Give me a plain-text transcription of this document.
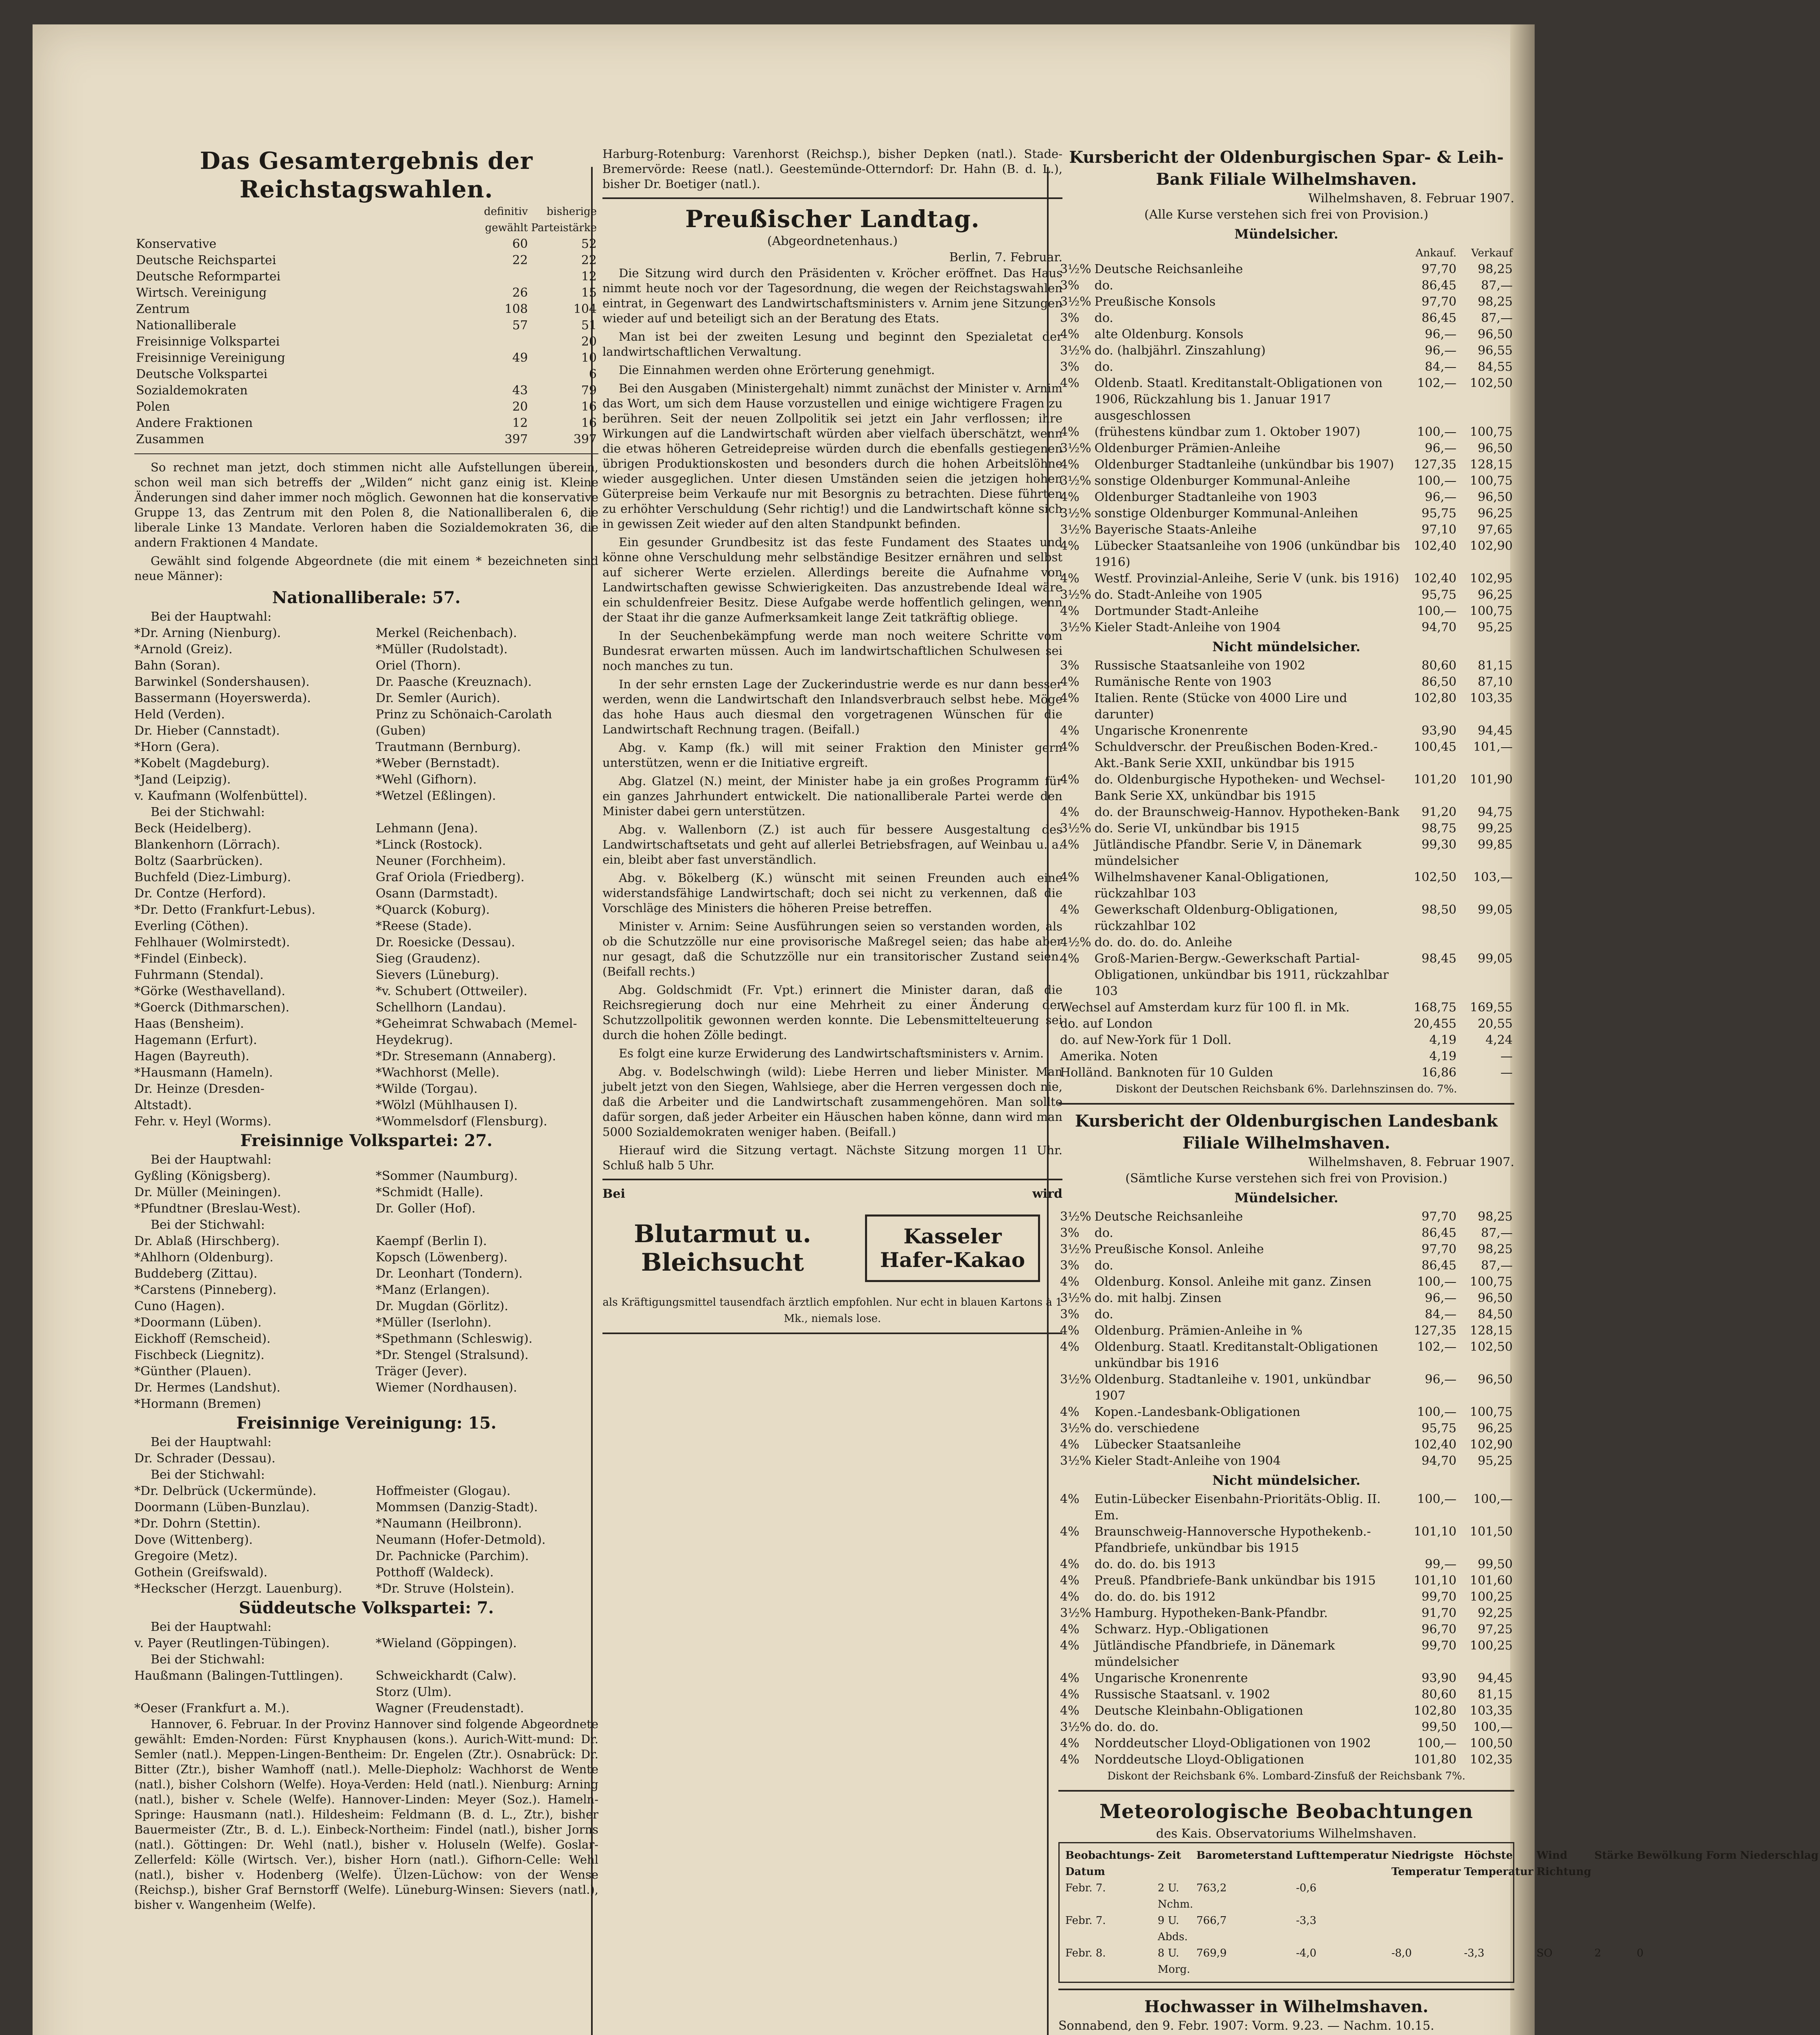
Das Gesamtergebnis der Reichstagswahlen.
	definitiv gewählt	bisherige Parteistärke
Konservative	60	52
Deutsche Reichspartei	22	22
Deutsche Reformpartei		12
Wirtsch. Vereinigung	26	15
Zentrum	108	104
Nationalliberale	57	51
Freisinnige Volkspartei		20
Freisinnige Vereinigung	49	10
Deutsche Volkspartei		6
Sozialdemokraten	43	79
Polen	20	16
Andere Fraktionen	12	16
Zusammen	397	397

So rechnet man jetzt, doch stimmen nicht alle Aufstellungen überein, schon weil man sich betreffs der „Wilden“ nicht ganz einig ist. Kleine Änderungen sind daher immer noch möglich. Gewonnen hat die konservative Gruppe 13, das Zentrum mit den Polen 8, die Nationalliberalen 6, die liberale Linke 13 Mandate. Verloren haben die Sozialdemokraten 36, die andern Fraktionen 4 Mandate.

Gewählt sind folgende Abgeordnete (die mit einem * bezeichneten sind neue Männer):

Nationalliberale: 57.
Bei der Hauptwahl:
*Dr. Arning (Nienburg).	Merkel (Reichenbach).
*Arnold (Greiz).	*Müller (Rudolstadt).
Bahn (Soran).	Oriel (Thorn).
Barwinkel (Sondershausen).	Dr. Paasche (Kreuznach).
Bassermann (Hoyerswerda).	Dr. Semler (Aurich).
Held (Verden).	Prinz zu Schönaich-Carolath
Dr. Hieber (Cannstadt).	(Guben)
*Horn (Gera).	Trautmann (Bernburg).
*Kobelt (Magdeburg).	*Weber (Bernstadt).
*Jand (Leipzig).	*Wehl (Gifhorn).
v. Kaufmann (Wolfenbüttel).	*Wetzel (Eßlingen).
Bei der Stichwahl:
Beck (Heidelberg).	Lehmann (Jena).
Blankenhorn (Lörrach).	*Linck (Rostock).
Boltz (Saarbrücken).	Neuner (Forchheim).
Buchfeld (Diez-Limburg).	Graf Oriola (Friedberg).
Dr. Contze (Herford).	Osann (Darmstadt).
*Dr. Detto (Frankfurt-Lebus).	*Quarck (Koburg).
Everling (Cöthen).	*Reese (Stade).
Fehlhauer (Wolmirstedt).	Dr. Roesicke (Dessau).
*Findel (Einbeck).	Sieg (Graudenz).
Fuhrmann (Stendal).	Sievers (Lüneburg).
*Görke (Westhavelland).	*v. Schubert (Ottweiler).
*Goerck (Dithmarschen).	Schellhorn (Landau).
Haas (Bensheim).	*Geheimrat Schwabach (Memel-
Hagemann (Erfurt).	Heydekrug).
Hagen (Bayreuth).	*Dr. Stresemann (Annaberg).
*Hausmann (Hameln).	*Wachhorst (Melle).
Dr. Heinze (Dresden-	*Wilde (Torgau).
Altstadt).	*Wölzl (Mühlhausen I).
Fehr. v. Heyl (Worms).	*Wommelsdorf (Flensburg).
Freisinnige Volkspartei: 27.
Bei der Hauptwahl:
Gyßling (Königsberg).	*Sommer (Naumburg).
Dr. Müller (Meiningen).	*Schmidt (Halle).
*Pfundtner (Breslau-West).	Dr. Goller (Hof).
Bei der Stichwahl:
Dr. Ablaß (Hirschberg).	Kaempf (Berlin I).
*Ahlhorn (Oldenburg).	Kopsch (Löwenberg).
Buddeberg (Zittau).	Dr. Leonhart (Tondern).
*Carstens (Pinneberg).	*Manz (Erlangen).
Cuno (Hagen).	Dr. Mugdan (Görlitz).
*Doormann (Lüben).	*Müller (Iserlohn).
Eickhoff (Remscheid).	*Spethmann (Schleswig).
Fischbeck (Liegnitz).	*Dr. Stengel (Stralsund).
*Günther (Plauen).	Träger (Jever).
Dr. Hermes (Landshut).	Wiemer (Nordhausen).
*Hormann (Bremen)
Freisinnige Vereinigung: 15.
Bei der Hauptwahl:
Dr. Schrader (Dessau).
Bei der Stichwahl:
*Dr. Delbrück (Uckermünde).	Hoffmeister (Glogau).
Doormann (Lüben-Bunzlau).	Mommsen (Danzig-Stadt).
*Dr. Dohrn (Stettin).	*Naumann (Heilbronn).
Dove (Wittenberg).	Neumann (Hofer-Detmold).
Gregoire (Metz).	Dr. Pachnicke (Parchim).
Gothein (Greifswald).	Potthoff (Waldeck).
*Heckscher (Herzgt. Lauenburg).	*Dr. Struve (Holstein).
Süddeutsche Volkspartei: 7.
Bei der Hauptwahl:
v. Payer (Reutlingen-Tübingen).	*Wieland (Göppingen).
Bei der Stichwahl:
Haußmann (Balingen-Tuttlingen).	Schweickhardt (Calw).
Storz (Ulm).
*Oeser (Frankfurt a. M.).	Wagner (Freudenstadt).

Hannover, 6. Februar. In der Provinz Hannover sind folgende Abgeordnete gewählt: Emden-Norden: Fürst Knyphausen (kons.). Aurich-Witt-mund: Dr. Semler (natl.). Meppen-Lingen-Bentheim: Dr. Engelen (Ztr.). Osnabrück: Dr. Bitter (Ztr.), bisher Wamhoff (natl.). Melle-Diepholz: Wachhorst de Wente (natl.), bisher Colshorn (Welfe). Hoya-Verden: Held (natl.). Nienburg: Arning (natl.), bisher v. Schele (Welfe). Hannover-Linden: Meyer (Soz.). Hameln-Springe: Hausmann (natl.). Hildesheim: Feldmann (B. d. L., Ztr.), bisher Bauermeister (Ztr., B. d. L.). Einbeck-Northeim: Findel (natl.), bisher Jorns (natl.). Göttingen: Dr. Wehl (natl.), bisher v. Holuseln (Welfe). Goslar-Zellerfeld: Kölle (Wirtsch. Ver.), bisher Horn (natl.). Gifhorn-Celle: Wehl (natl.), bisher v. Hodenberg (Welfe). Ülzen-Lüchow: von der Wense (Reichsp.), bisher Graf Bernstorff (Welfe). Lüneburg-Winsen: Sievers (natl.), bisher v. Wangenheim (Welfe).

Harburg-Rotenburg: Varenhorst (Reichsp.), bisher Depken (natl.). Stade-Bremervörde: Reese (natl.). Geestemünde-Otterndorf: Dr. Hahn (B. d. L.), bisher Dr. Boetiger (natl.).
Preußischer Landtag.
(Abgeordnetenhaus.)
Berlin, 7. Februar.

Die Sitzung wird durch den Präsidenten v. Kröcher eröffnet. Das Haus nimmt heute noch vor der Tagesordnung, die wegen der Reichstagswahlen eintrat, in Gegenwart des Landwirtschaftsministers v. Arnim jene Sitzungen wieder auf und beteiligt sich an der Beratung des Etats.

Man ist bei der zweiten Lesung und beginnt den Spezialetat der landwirtschaftlichen Verwaltung.

Die Einnahmen werden ohne Erörterung genehmigt.

Bei den Ausgaben (Ministergehalt) nimmt zunächst der Minister v. Arnim das Wort, um sich dem Hause vorzustellen und einige wichtigere Fragen zu berühren. Seit der neuen Zollpolitik sei jetzt ein Jahr verflossen; ihre Wirkungen auf die Landwirtschaft würden aber vielfach überschätzt, wenn die etwas höheren Getreidepreise würden durch die ebenfalls gestiegenen übrigen Produktionskosten und besonders durch die hohen Arbeitslöhne wieder ausgeglichen. Unter diesen Umständen seien die jetzigen hohen Güterpreise beim Verkaufe nur mit Besorgnis zu betrachten. Diese führten zu erhöhter Verschuldung (Sehr richtig!) und die Landwirtschaft könne sich in gewissen Zeit wieder auf den alten Standpunkt befinden.

Ein gesunder Grundbesitz ist das feste Fundament des Staates und könne ohne Verschuldung mehr selbständige Besitzer ernähren und selbst auf sicherer Werte erzielen. Allerdings bereite die Aufnahme von Landwirtschaften gewisse Schwierigkeiten. Das anzustrebende Ideal wäre ein schuldenfreier Besitz. Diese Aufgabe werde hoffentlich gelingen, wenn der Staat ihr die ganze Aufmerksamkeit lange Zeit tatkräftig obliege.

In der Seuchenbekämpfung werde man noch weitere Schritte vom Bundesrat erwarten müssen. Auch im landwirtschaftlichen Schulwesen sei noch manches zu tun.

In der sehr ernsten Lage der Zuckerindustrie werde es nur dann besser werden, wenn die Landwirtschaft den Inlandsverbrauch selbst hebe. Möge das hohe Haus auch diesmal den vorgetragenen Wünschen für die Landwirtschaft Rechnung tragen. (Beifall.)

Abg. v. Kamp (fk.) will mit seiner Fraktion den Minister gern unterstützen, wenn er die Initiative ergreift.

Abg. Glatzel (N.) meint, der Minister habe ja ein großes Programm für ein ganzes Jahrhundert entwickelt. Die nationalliberale Partei werde den Minister dabei gern unterstützen.

Abg. v. Wallenborn (Z.) ist auch für bessere Ausgestaltung des Landwirtschaftsetats und geht auf allerlei Betriebsfragen, auf Weinbau u. a. ein, bleibt aber fast unverständlich.

Abg. v. Bökelberg (K.) wünscht mit seinen Freunden auch eine widerstandsfähige Landwirtschaft; doch sei nicht zu verkennen, daß die Vorschläge des Ministers die höheren Preise betreffen.

Minister v. Arnim: Seine Ausführungen seien so verstanden worden, als ob die Schutzzölle nur eine provisorische Maßregel seien; das habe aber nur gesagt, daß die Schutzzölle nur ein transitorischer Zustand seien. (Beifall rechts.)

Abg. Goldschmidt (Fr. Vpt.) erinnert die Minister daran, daß die Reichsregierung doch nur eine Mehrheit zu einer Änderung der Schutzzollpolitik gewonnen werden konnte. Die Lebensmittelteuerung sei durch die hohen Zölle bedingt.

Es folgt eine kurze Erwiderung des Landwirtschaftsministers v. Arnim.

Abg. v. Bodelschwingh (wild): Liebe Herren und lieber Minister. Man jubelt jetzt von den Siegen, Wahlsiege, aber die Herren vergessen doch nie, daß die Arbeiter und die Landwirtschaft zusammengehören. Man sollte dafür sorgen, daß jeder Arbeiter ein Häuschen haben könne, dann wird man 5000 Sozialdemokraten weniger haben. (Beifall.)

Hierauf wird die Sitzung vertagt. Nächste Sitzung morgen 11 Uhr. Schluß halb 5 Uhr.

Bei	wird
Blutarmut u. Bleichsucht
Kasseler Hafer-Kakao
als Kräftigungsmittel tausendfach ärztlich empfohlen. Nur echt in blauen Kartons à 1 Mk., niemals lose.
Kursbericht der Oldenburgischen Spar- & Leih-Bank Filiale Wilhelmshaven.
Wilhelmshaven, 8. Februar 1907.
(Alle Kurse verstehen sich frei von Provision.)
Mündelsicher.
		Ankauf.	Verkauf
3½%	Deutsche Reichsanleihe	97,70	98,25
3%	do.	86,45	87,—
3½%	Preußische Konsols	97,70	98,25
3%	do.	86,45	87,—
4%	alte Oldenburg. Konsols	96,—	96,50
3½%	do. (halbjährl. Zinszahlung)	96,—	96,55
3%	do.	84,—	84,55
4%	Oldenb. Staatl. Kreditanstalt-Obligationen von 1906, Rückzahlung bis 1. Januar 1917 ausgeschlossen	102,—	102,50
4%	(frühestens kündbar zum 1. Oktober 1907)	100,—	100,75
3½%	Oldenburger Prämien-Anleihe	96,—	96,50
4%	Oldenburger Stadtanleihe (unkündbar bis 1907)	127,35	128,15
3½%	sonstige Oldenburger Kommunal-Anleihe	100,—	100,75
4%	Oldenburger Stadtanleihe von 1903	96,—	96,50
3½%	sonstige Oldenburger Kommunal-Anleihen	95,75	96,25
3½%	Bayerische Staats-Anleihe	97,10	97,65
4%	Lübecker Staatsanleihe von 1906 (unkündbar bis 1916)	102,40	102,90
4%	Westf. Provinzial-Anleihe, Serie V (unk. bis 1916)	102,40	102,95
3½%	do. Stadt-Anleihe von 1905	95,75	96,25
4%	Dortmunder Stadt-Anleihe	100,—	100,75
3½%	Kieler Stadt-Anleihe von 1904	94,70	95,25
Nicht mündelsicher.
3%	Russische Staatsanleihe von 1902	80,60	81,15
4%	Rumänische Rente von 1903	86,50	87,10
4%	Italien. Rente (Stücke von 4000 Lire und darunter)	102,80	103,35
4%	Ungarische Kronenrente	93,90	94,45
4%	Schuldverschr. der Preußischen Boden-Kred.-Akt.-Bank Serie XXII, unkündbar bis 1915	100,45	101,—
4%	do. Oldenburgische Hypotheken- und Wechsel-Bank Serie XX, unkündbar bis 1915	101,20	101,90
4%	do. der Braunschweig-Hannov. Hypotheken-Bank	91,20	94,75
3½%	do. Serie VI, unkündbar bis 1915	98,75	99,25
4%	Jütländische Pfandbr. Serie V, in Dänemark mündelsicher	99,30	99,85
4%	Wilhelmshavener Kanal-Obligationen, rückzahlbar 103	102,50	103,—
4%	Gewerkschaft Oldenburg-Obligationen, rückzahlbar 102	98,50	99,05
4½%	do. do. do. do. Anleihe		
4%	Groß-Marien-Bergw.-Gewerkschaft Partial-Obligationen, unkündbar bis 1911, rückzahlbar 103	98,45	99,05
Wechsel auf Amsterdam kurz für 100 fl. in Mk.	168,75	169,55
do. auf London	20,455	20,55
do. auf New-York für 1 Doll.	4,19	4,24
Amerika. Noten	4,19	—
Holländ. Banknoten für 10 Gulden	16,86	—
Diskont der Deutschen Reichsbank 6%. Darlehnszinsen do. 7%.
Kursbericht der Oldenburgischen Landesbank Filiale Wilhelmshaven.
Wilhelmshaven, 8. Februar 1907.
(Sämtliche Kurse verstehen sich frei von Provision.)
Mündelsicher.
3½%	Deutsche Reichsanleihe	97,70	98,25
3%	do.	86,45	87,—
3½%	Preußische Konsol. Anleihe	97,70	98,25
3%	do.	86,45	87,—
4%	Oldenburg. Konsol. Anleihe mit ganz. Zinsen	100,—	100,75
3½%	do. mit halbj. Zinsen	96,—	96,50
3%	do.	84,—	84,50
4%	Oldenburg. Prämien-Anleihe in %	127,35	128,15
4%	Oldenburg. Staatl. Kreditanstalt-Obligationen unkündbar bis 1916	102,—	102,50
3½%	Oldenburg. Stadtanleihe v. 1901, unkündbar 1907	96,—	96,50
4%	Kopen.-Landesbank-Obligationen	100,—	100,75
3½%	do. verschiedene	95,75	96,25
4%	Lübecker Staatsanleihe	102,40	102,90
3½%	Kieler Stadt-Anleihe von 1904	94,70	95,25
Nicht mündelsicher.
4%	Eutin-Lübecker Eisenbahn-Prioritäts-Oblig. II. Em.	100,—	100,—
4%	Braunschweig-Hannoversche Hypothekenb.-Pfandbriefe, unkündbar bis 1915	101,10	101,50
4%	do. do. do. bis 1913	99,—	99,50
4%	Preuß. Pfandbriefe-Bank unkündbar bis 1915	101,10	101,60
4%	do. do. do. bis 1912	99,70	100,25
3½%	Hamburg. Hypotheken-Bank-Pfandbr.	91,70	92,25
4%	Schwarz. Hyp.-Obligationen	96,70	97,25
4%	Jütländische Pfandbriefe, in Dänemark mündelsicher	99,70	100,25
4%	Ungarische Kronenrente	93,90	94,45
4%	Russische Staatsanl. v. 1902	80,60	81,15
4%	Deutsche Kleinbahn-Obligationen	102,80	103,35
3½%	do. do. do.	99,50	100,—
4%	Norddeutscher Lloyd-Obligationen von 1902	100,—	100,50
4%	Norddeutsche Lloyd-Obligationen	101,80	102,35
Diskont der Reichsbank 6%. Lombard-Zinsfuß der Reichsbank 7%.
Meteorologische Beobachtungen
des Kais. Observatoriums Wilhelmshaven.
Beobachtungs-Datum	Zeit	Barometerstand	Lufttemperatur	Niedrigste Temperatur	Höchste Temperatur	Wind Richtung	Stärke	Bewölkung	Form	Niederschlag
Febr. 7.	2 U. Nchm.	763,2	-0,6							
Febr. 7.	9 U. Abds.	766,7	-3,3							
Febr. 8.	8 U. Morg.	769,9	-4,0	-8,0	-3,3	SO	2	0		
Hochwasser in Wilhelmshaven.
Sonnabend, den 9. Febr. 1907: Vorm. 9.23. — Nachm. 10.15.
